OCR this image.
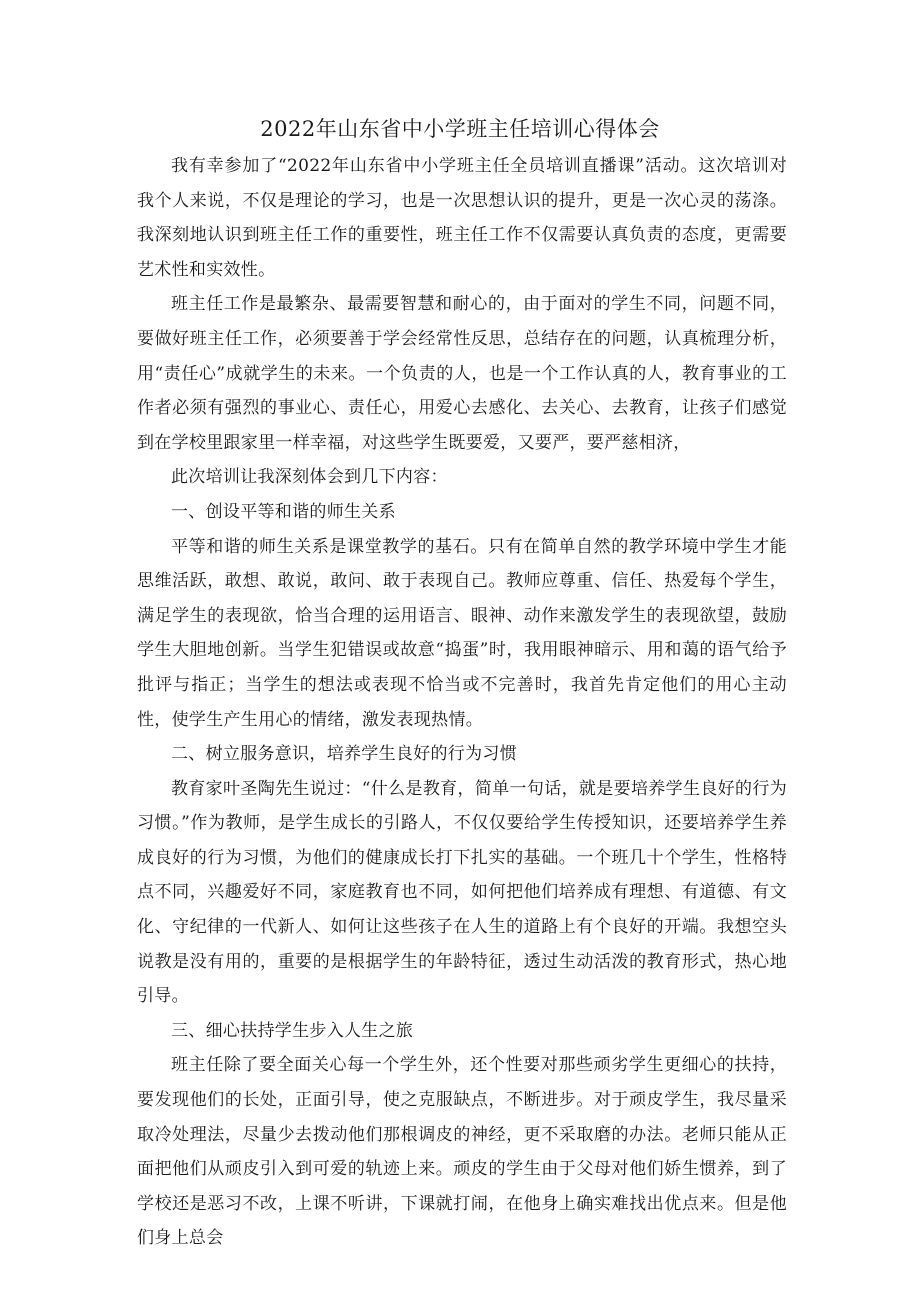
2022年山东省中小学班主任培训心得体会

我有幸参加了“2022年山东省中小学班主任全员培训直播课”活动。这次培训对我个人来说，不仅是理论的学习，也是一次思想认识的提升，更是一次心灵的荡涤。我深刻地认识到班主任工作的重要性，班主任工作不仅需要认真负责的态度，更需要艺术性和实效性。

班主任工作是最繁杂、最需要智慧和耐心的，由于面对的学生不同，问题不同，要做好班主任工作，必须要善于学会经常性反思，总结存在的问题，认真梳理分析，用“责任心”成就学生的未来。一个负责的人，也是一个工作认真的人，教育事业的工作者必须有强烈的事业心、责任心，用爱心去感化、去关心、去教育，让孩子们感觉到在学校里跟家里一样幸福，对这些学生既要爱，又要严，要严慈相济，

此次培训让我深刻体会到几下内容：

一、创设平等和谐的师生关系

平等和谐的师生关系是课堂教学的基石。只有在简单自然的教学环境中学生才能思维活跃，敢想、敢说，敢问、敢于表现自己。教师应尊重、信任、热爱每个学生，满足学生的表现欲，恰当合理的运用语言、眼神、动作来激发学生的表现欲望，鼓励学生大胆地创新。当学生犯错误或故意“捣蛋”时，我用眼神暗示、用和蔼的语气给予批评与指正；当学生的想法或表现不恰当或不完善时，我首先肯定他们的用心主动性，使学生产生用心的情绪，激发表现热情。

二、树立服务意识，培养学生良好的行为习惯

教育家叶圣陶先生说过：“什么是教育，简单一句话，就是要培养学生良好的行为习惯。”作为教师，是学生成长的引路人，不仅仅要给学生传授知识，还要培养学生养成良好的行为习惯，为他们的健康成长打下扎实的基础。一个班几十个学生，性格特点不同，兴趣爱好不同，家庭教育也不同，如何把他们培养成有理想、有道德、有文化、守纪律的一代新人、如何让这些孩子在人生的道路上有个良好的开端。我想空头说教是没有用的，重要的是根据学生的年龄特征，透过生动活泼的教育形式，热心地引导。

三、细心扶持学生步入人生之旅

班主任除了要全面关心每一个学生外，还个性要对那些顽劣学生更细心的扶持，要发现他们的长处，正面引导，使之克服缺点，不断进步。对于顽皮学生，我尽量采取冷处理法，尽量少去拨动他们那根调皮的神经，更不采取磨的办法。老师只能从正面把他们从顽皮引入到可爱的轨迹上来。顽皮的学生由于父母对他们娇生惯养，到了学校还是恶习不改，上课不听讲，下课就打闹，在他身上确实难找出优点来。但是他们身上总会
